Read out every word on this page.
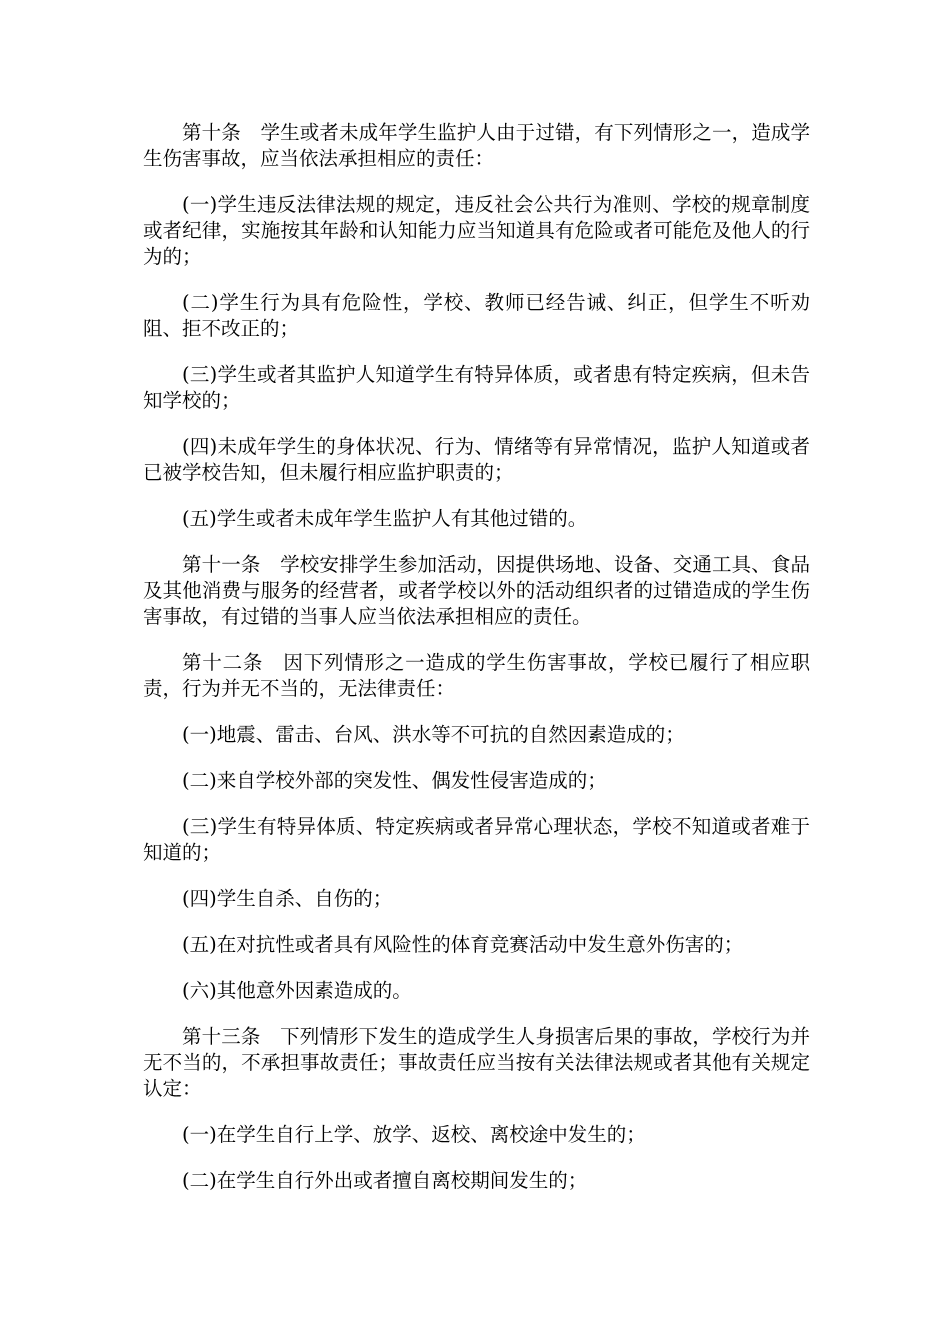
第十条　学生或者未成年学生监护人由于过错，有下列情形之一，造成学生伤害事故，应当依法承担相应的责任：

(一)学生违反法律法规的规定，违反社会公共行为准则、学校的规章制度或者纪律，实施按其年龄和认知能力应当知道具有危险或者可能危及他人的行为的；

(二)学生行为具有危险性，学校、教师已经告诫、纠正，但学生不听劝阻、拒不改正的；

(三)学生或者其监护人知道学生有特异体质，或者患有特定疾病，但未告知学校的；

(四)未成年学生的身体状况、行为、情绪等有异常情况，监护人知道或者已被学校告知，但未履行相应监护职责的；

(五)学生或者未成年学生监护人有其他过错的。

第十一条　学校安排学生参加活动，因提供场地、设备、交通工具、食品及其他消费与服务的经营者，或者学校以外的活动组织者的过错造成的学生伤害事故，有过错的当事人应当依法承担相应的责任。

第十二条　因下列情形之一造成的学生伤害事故，学校已履行了相应职责，行为并无不当的，无法律责任：

(一)地震、雷击、台风、洪水等不可抗的自然因素造成的；

(二)来自学校外部的突发性、偶发性侵害造成的；

(三)学生有特异体质、特定疾病或者异常心理状态，学校不知道或者难于知道的；

(四)学生自杀、自伤的；

(五)在对抗性或者具有风险性的体育竞赛活动中发生意外伤害的；

(六)其他意外因素造成的。

第十三条　下列情形下发生的造成学生人身损害后果的事故，学校行为并无不当的，不承担事故责任；事故责任应当按有关法律法规或者其他有关规定认定：

(一)在学生自行上学、放学、返校、离校途中发生的；

(二)在学生自行外出或者擅自离校期间发生的；
